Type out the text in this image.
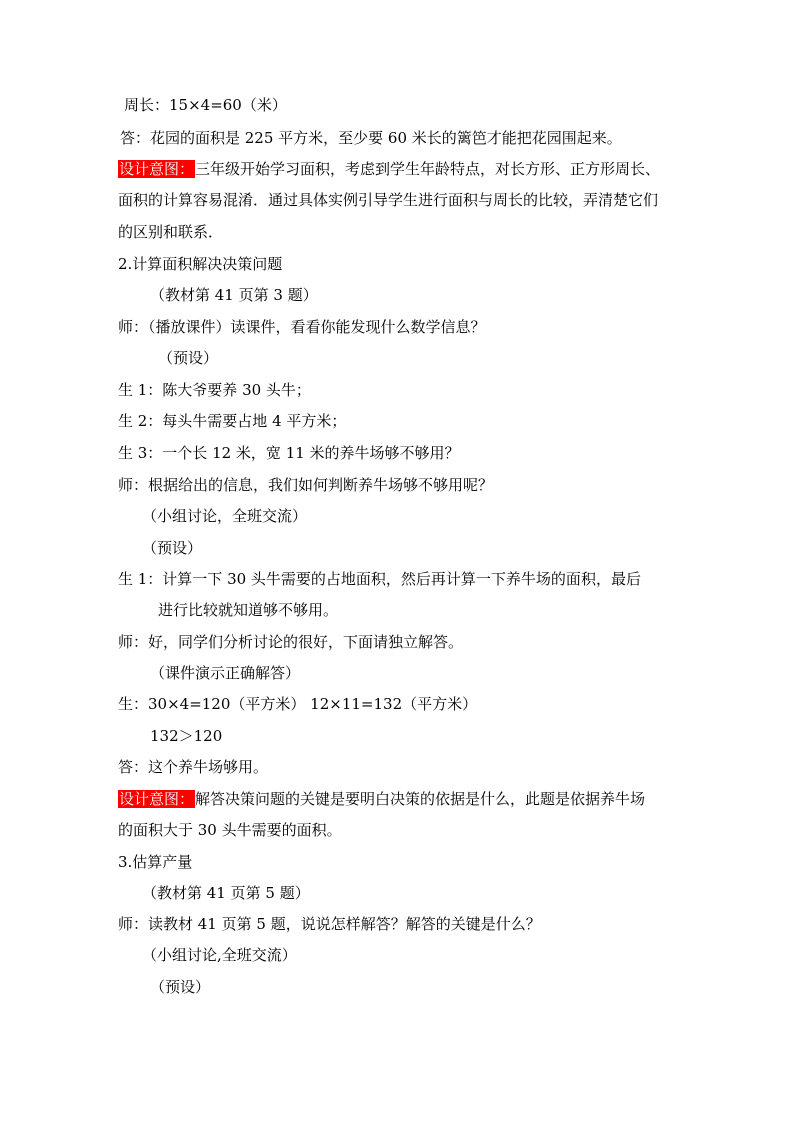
周长：15×4=60（米）
答：花园的面积是 225 平方米，至少要 60 米长的篱笆才能把花园围起来。
设计意图：三年级开始学习面积，考虑到学生年龄特点，对长方形、正方形周长、
面积的计算容易混淆．通过具体实例引导学生进行面积与周长的比较，弄清楚它们
的区别和联系．
2.计算面积解决决策问题
（教材第 41 页第 3 题）
师：（播放课件）读课件，看看你能发现什么数学信息？
（预设）
生 1：陈大爷要养 30 头牛；
生 2：每头牛需要占地 4 平方米；
生 3：一个长 12 米，宽 11 米的养牛场够不够用？
师：根据给出的信息，我们如何判断养牛场够不够用呢？
（小组讨论，全班交流）
（预设）
生 1：计算一下 30 头牛需要的占地面积，然后再计算一下养牛场的面积，最后
进行比较就知道够不够用。
师：好，同学们分析讨论的很好，下面请独立解答。
（课件演示正确解答）
生：30×4=120（平方米） 12×11=132（平方米）
132＞120
答：这个养牛场够用。
设计意图：解答决策问题的关键是要明白决策的依据是什么，此题是依据养牛场
的面积大于 30 头牛需要的面积。
3.估算产量
（教材第 41 页第 5 题）
师：读教材 41 页第 5 题，说说怎样解答？解答的关键是什么？
（小组讨论,全班交流）
（预设）
